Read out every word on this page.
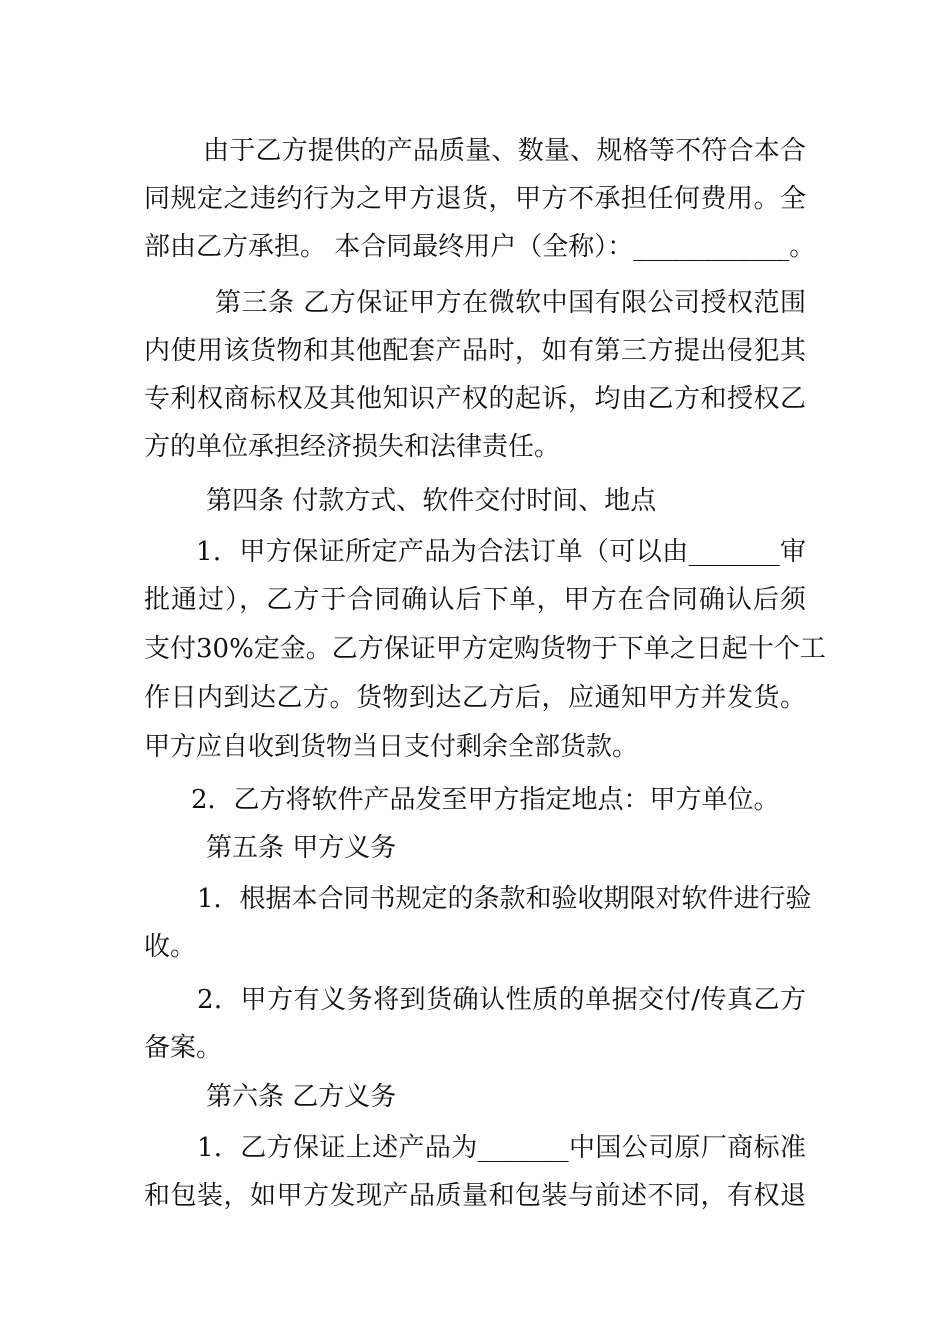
由于乙方提供的产品质量、数量、规格等不符合本合

同规定之违约行为之甲方退货，甲方不承担任何费用。全

部由乙方承担。 本合同最终用户（全称）：____________。

第三条 乙方保证甲方在微软中国有限公司授权范围

内使用该货物和其他配套产品时，如有第三方提出侵犯其

专利权商标权及其他知识产权的起诉，均由乙方和授权乙

方的单位承担经济损失和法律责任。

第四条 付款方式、软件交付时间、地点

1．甲方保证所定产品为合法订单（可以由_______审

批通过），乙方于合同确认后下单，甲方在合同确认后须

支付30%定金。乙方保证甲方定购货物于下单之日起十个工

作日内到达乙方。货物到达乙方后，应通知甲方并发货。

甲方应自收到货物当日支付剩余全部货款。

2．乙方将软件产品发至甲方指定地点：甲方单位。

第五条 甲方义务

1．根据本合同书规定的条款和验收期限对软件进行验

收。

2．甲方有义务将到货确认性质的单据交付/传真乙方

备案。

第六条 乙方义务

1．乙方保证上述产品为_______中国公司原厂商标准

和包装，如甲方发现产品质量和包装与前述不同，有权退
